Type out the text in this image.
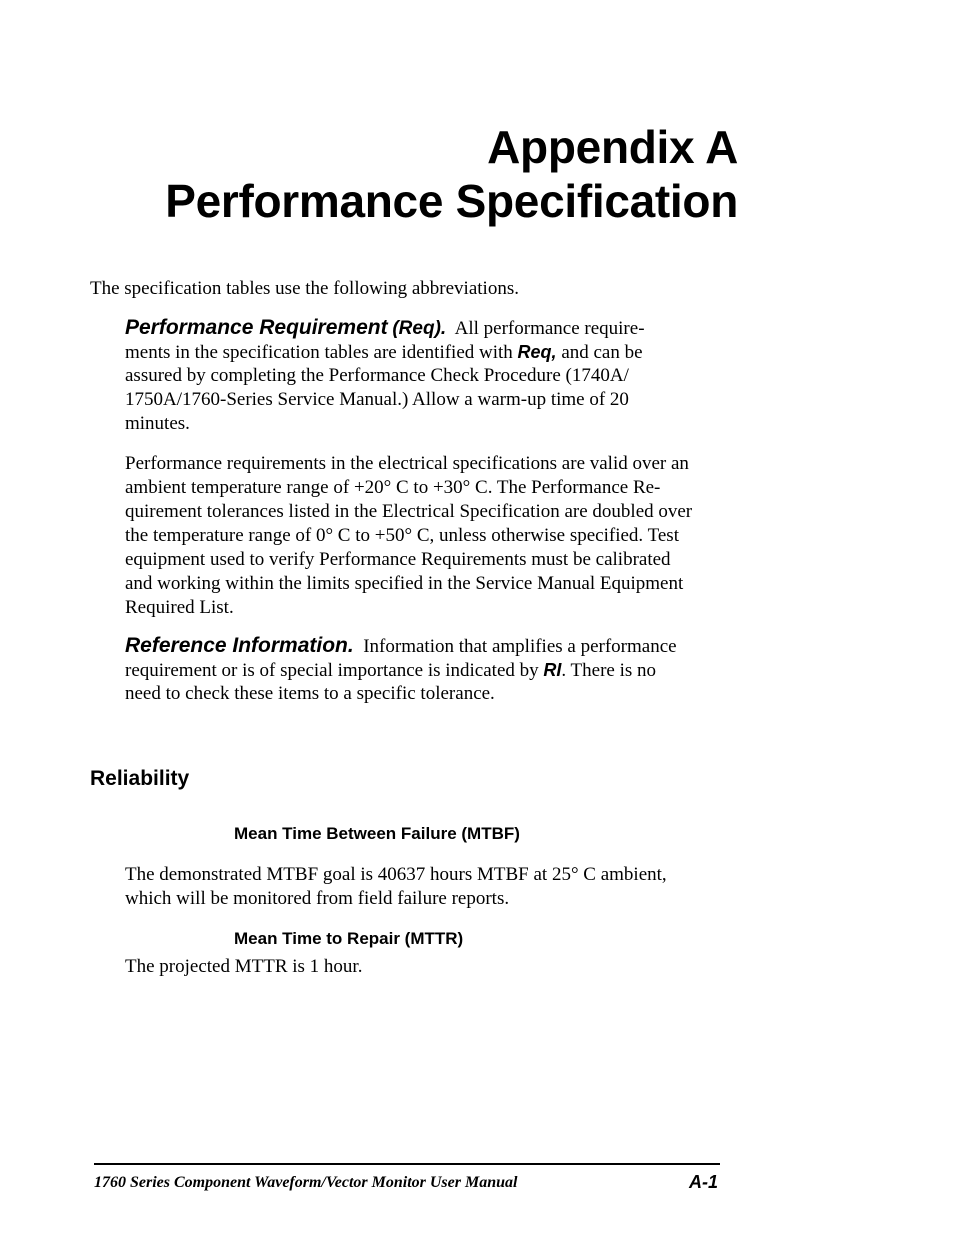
Appendix A
Performance Specification
The specification tables use the following abbreviations.
Performance Requirement (Req). All performance require-
ments in the specification tables are identified with Req, and can be
assured by completing the Performance Check Procedure (1740A/
1750A/1760-Series Service Manual.) Allow a warm-up time of 20
minutes.
Performance requirements in the electrical specifications are valid over an
ambient temperature range of +20° C to +30° C. The Performance Re-
quirement tolerances listed in the Electrical Specification are doubled over
the temperature range of 0° C to +50° C, unless otherwise specified. Test
equipment used to verify Performance Requirements must be calibrated
and working within the limits specified in the Service Manual Equipment
Required List.
Reference Information. Information that amplifies a performance
requirement or is of special importance is indicated by RI. There is no
need to check these items to a specific tolerance.
Reliability
Mean Time Between Failure (MTBF)
The demonstrated MTBF goal is 40637 hours MTBF at 25° C ambient,
which will be monitored from field failure reports.
Mean Time to Repair (MTTR)
The projected MTTR is 1 hour.
1760 Series Component Waveform/Vector Monitor User Manual	A-1
